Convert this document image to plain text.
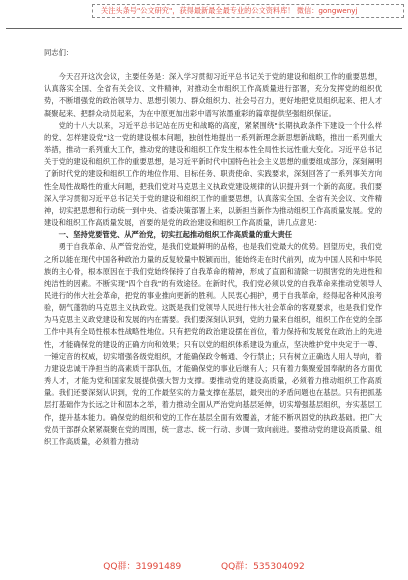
关注头条号"公文研究"，获得最新最全最专业的公文资料库！ 微信：gongwenyj

同志们：

今天召开这次会议，主要任务是：深入学习贯彻习近平总书记关于党的建设和组织工作的重要思想，认真落实全国、全省有关会议、文件精神，对推动全市组织工作高质量进行部署，充分发挥党的组织优势，不断增强党的政治领导力、思想引领力、群众组织力、社会号召力，更好地把党员组织起来、把人才凝聚起来、把群众动员起来，为在中原更加出彩中谱写浓墨重彩的篇章提供坚强组织保证。

党的十八大以来，习近平总书记站在历史和战略的高度，紧紧围绕"长期执政条件下建设一个什么样的党、怎样建设党"这一党的建设根本问题，独创性地提出一系列新理念新思想新战略，推出一系列重大举措，推动一系列重大工作，推动党的建设和组织工作发生根本性全局性长远性重大变化。习近平总书记关于党的建设和组织工作的重要思想，是习近平新时代中国特色社会主义思想的重要组成部分，深刻阐明了新时代党的建设和组织工作的地位作用、目标任务、职责使命、实践要求，深刻回答了一系列事关方向性全局性战略性的重大问题，把我们党对马克思主义执政党建设规律的认识提升到一个新的高度。我们要深入学习贯彻习近平总书记关于党的建设和组织工作的重要思想，认真落实全国、全省有关会议、文件精神，切实把思想和行动统一到中央、省委决策部署上来，以新担当新作为推动组织工作高质量发展。党的建设和组织工作高质量发展，首要的是党的政治建设和组织工作高质量，讲几点意见：

一、坚持党要管党、从严治党，切实扛起推动组织工作高质量的重大责任

勇于自我革命、从严管党治党，是我们党最鲜明的品格，也是我们党最大的优势。回望历史，我们党之所以能在现代中国各种政治力量的反复较量中脱颖而出，能始终走在时代前列，成为中国人民和中华民族的主心骨，根本原因在于我们党始终保持了自我革命的精神，形成了直面和清除一切损害党的先进性和纯洁性的因素。不断实现"四个自我"的有效途径。在新时代，我们党必须以党的自我革命来推动党领导人民进行的伟大社会革命，把党的事业推向更新的胜利。人民衷心拥护，勇于自我革命，经得起各种风浪考验，朝气蓬勃的马克思主义执政党。这既是我们党领导人民进行伟大社会革命的客观要求，也是我们党作为马克思主义政党建设和发展的内在需要。我们要深刻认识到，党的力量来自组织，组织工作在党的全部工作中具有全局性根本性战略性地位。只有把党的政治建设摆在首位，着力保持和发展党在政治上的先进性，才能确保党的建设的正确方向和效果；只有以党的组织体系建设为重点，坚决维护党中央定于一尊、一锤定音的权威，切实增强各级党组织，才能确保政令畅通、令行禁止；只有树立正确选人用人导向，着力建设忠诚干净担当的高素质干部队伍，才能确保党的事业后继有人；只有着力集聚爱国奉献的各方面优秀人才，才能为党和国家发展提供强大智力支撑。要推动党的建设高质量，必须着力推动组织工作高质量。我们还要深刻认识到，党的工作最坚实的力量支撑在基层，最突出的矛盾问题也在基层。只有把抓基层打基础作为长远之计和固本之举，着力推动全面从严治党向基层延伸，切实增强基层组织，夯实基层工作，提升基本能力。确保党的组织和党的工作在基层全面有效覆盖，才能不断巩固党的执政基础。把广大党员干部群众紧紧凝聚在党的周围，统一意志、统一行动、步调一致向前进。要推动党的建设高质量、组织工作高质量，必须着力推动

QQ群：31991489	QQ群：535304092
